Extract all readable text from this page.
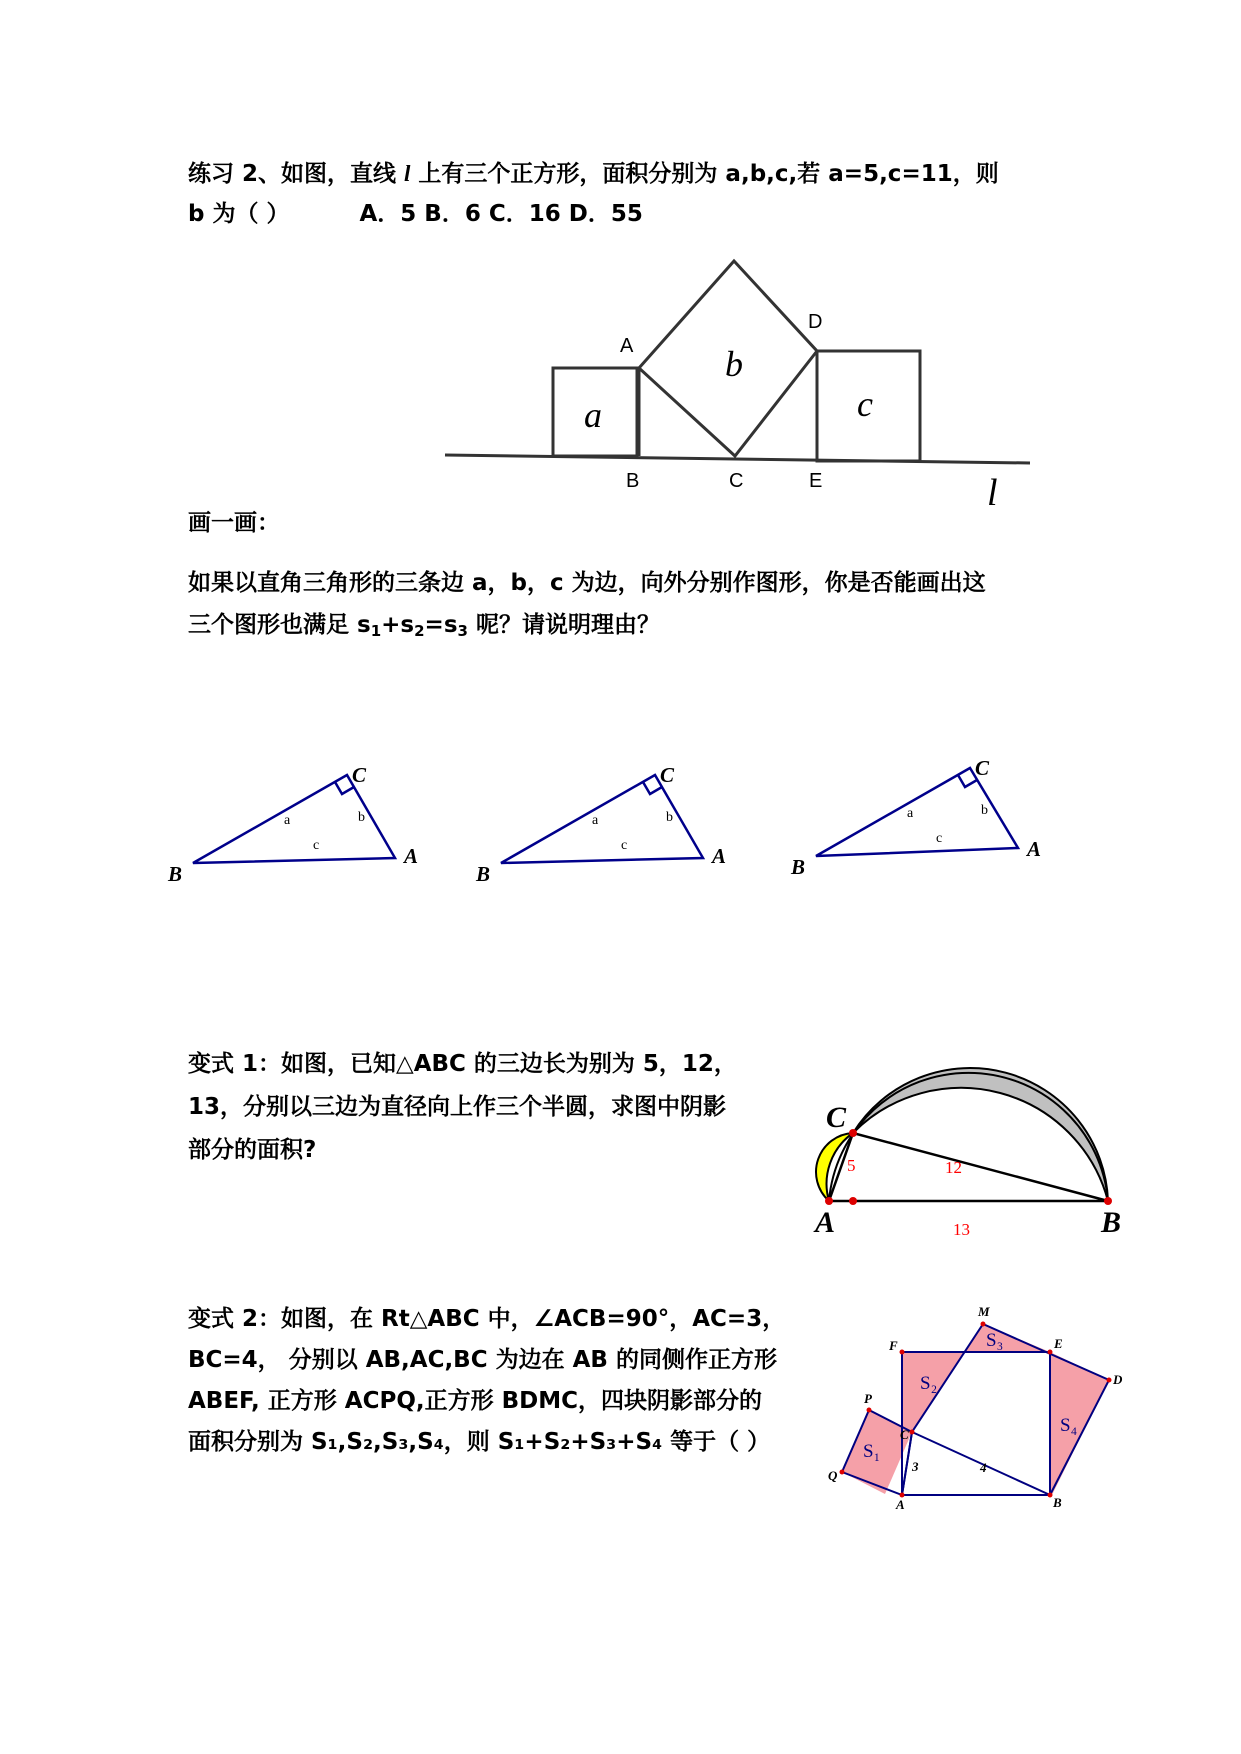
练习 2、如图，直线 l 上有三个正方形，面积分别为 a,b,c,若 a=5,c=11，则
b 为（ ）	A．5 B．6 C．16 D．55
A
B	C
D
E
a
b
c
l
画一画：
如果以直角三角形的三条边 a，b，c 为边，向外分别作图形，你是否能画出这
三个图形也满足 $s_1+s_2=s_3$ 呢？请说明理由？
B
C
A
a	b
c
B
C
A
a	b
c
B
C
A
a	b
c
变式 1：如图，已知△ABC 的三边长为别为 5，12，
13，分别以三边为直径向上作三个半圆，求图中阴影
部分的面积?
C
A	B
5	12
13
变式 2：如图，在 Rt△ABC 中，∠ACB=90°，AC=3，
BC=4， 分别以 AB,AC,BC 为边在 AB 的同侧作正方形
ABEF, 正方形 ACPQ,正方形 BDMC，四块阴影部分的
面积分别为 S₁,S₂,S₃,S₄，则 S₁+S₂+S₃+S₄ 等于（ ）
M
F	E
D
P
C
Q
A	B
S₁
S₂
S₃
S₄
3	4
